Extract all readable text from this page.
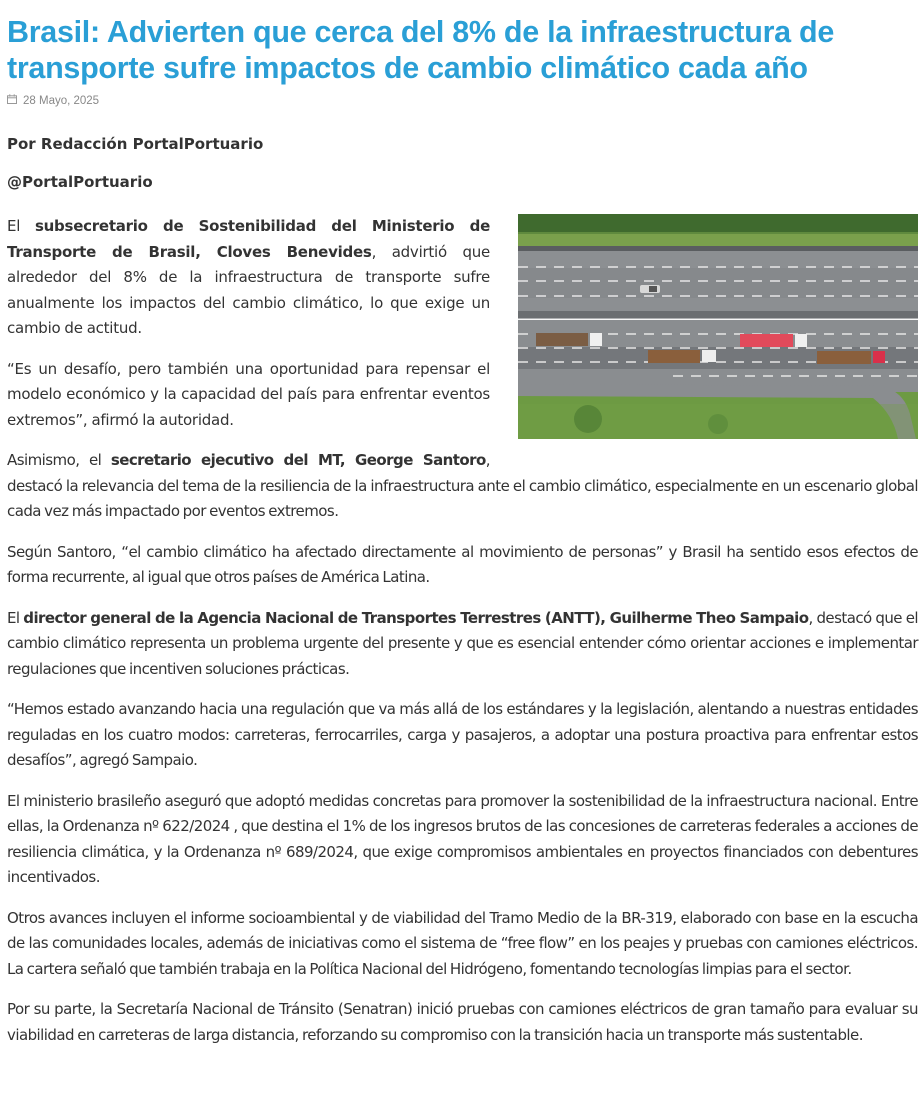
Brasil: Advierten que cerca del 8% de la infraestructura de transporte sufre impactos de cambio climático cada año
28 Mayo, 2025

Por Redacción PortalPortuario

@PortalPortuario

El subsecretario de Sostenibilidad del Ministerio de Transporte de Brasil, Cloves Benevides, advirtió que alrededor del 8% de la infraestructura de transporte sufre anualmente los impactos del cambio climático, lo que exige un cambio de actitud.

“Es un desafío, pero también una oportunidad para repensar el modelo económico y la capacidad del país para enfrentar eventos extremos”, afirmó la autoridad.

Asimismo, el secretario ejecutivo del MT, George Santoro, destacó la relevancia del tema de la resiliencia de la infraestructura ante el cambio climático, especialmente en un escenario global cada vez más impactado por eventos extremos.

Según Santoro, “el cambio climático ha afectado directamente al movimiento de personas” y Brasil ha sentido esos efectos de forma recurrente, al igual que otros países de América Latina.

El director general de la Agencia Nacional de Transportes Terrestres (ANTT), Guilherme Theo Sampaio, destacó que el cambio climático representa un problema urgente del presente y que es esencial entender cómo orientar acciones e implementar regulaciones que incentiven soluciones prácticas.

“Hemos estado avanzando hacia una regulación que va más allá de los estándares y la legislación, alentando a nuestras entidades reguladas en los cuatro modos: carreteras, ferrocarriles, carga y pasajeros, a adoptar una postura proactiva para enfrentar estos desafíos”, agregó Sampaio.

El ministerio brasileño aseguró que adoptó medidas concretas para promover la sostenibilidad de la infraestructura nacional. Entre ellas, la Ordenanza nº 622/2024 , que destina el 1% de los ingresos brutos de las concesiones de carreteras federales a acciones de resiliencia climática, y la Ordenanza nº 689/2024, que exige compromisos ambientales en proyectos financiados con debentures incentivados.

Otros avances incluyen el informe socioambiental y de viabilidad del Tramo Medio de la BR-319, elaborado con base en la escucha de las comunidades locales, además de iniciativas como el sistema de “free flow” en los peajes y pruebas con camiones eléctricos. La cartera señaló que también trabaja en la Política Nacional del Hidrógeno, fomentando tecnologías limpias para el sector.

Por su parte, la Secretaría Nacional de Tránsito (Senatran) inició pruebas con camiones eléctricos de gran tamaño para evaluar su viabilidad en carreteras de larga distancia, reforzando su compromiso con la transición hacia un transporte más sustentable.
